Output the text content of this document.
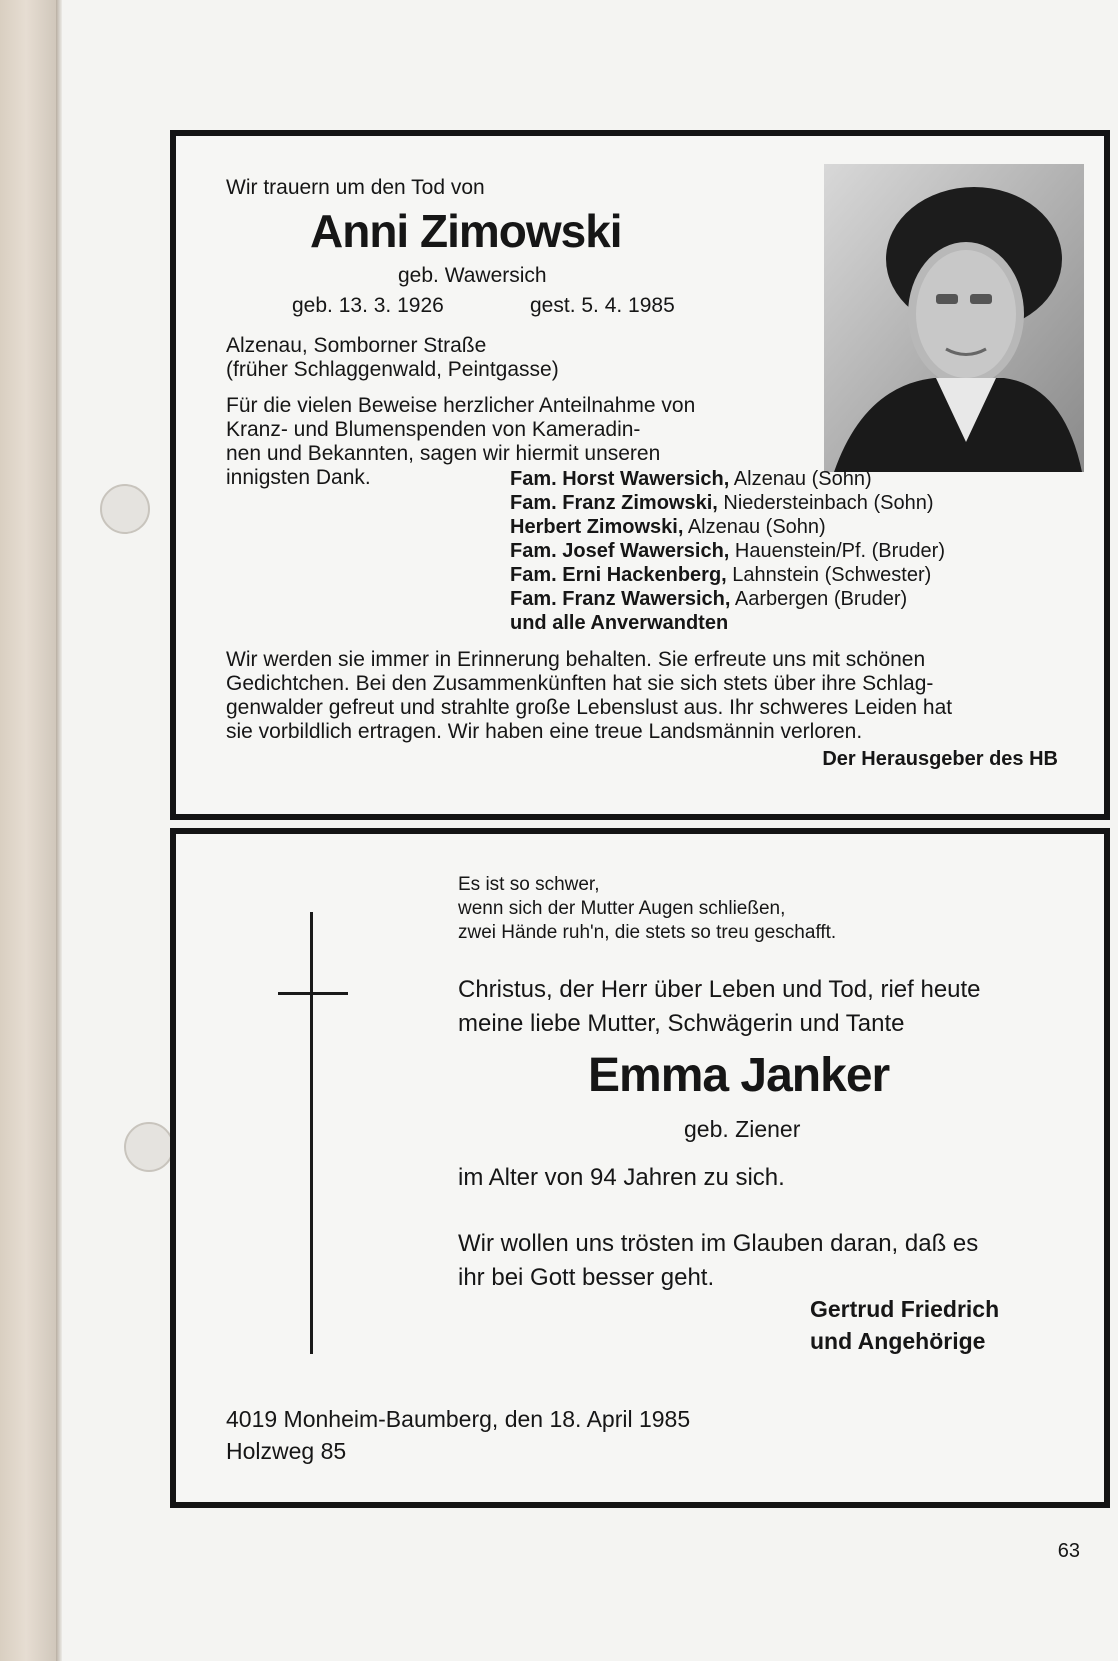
Wir trauern um den Tod von

Anni Zimowski

geb. Wawersich

geb. 13. 3. 1926	gest. 5. 4. 1985

Alzenau, Somborner Straße

(früher Schlaggenwald, Peintgasse)

Für die vielen Beweise herzlicher Anteilnahme von

Kranz- und Blumenspenden von Kameradin-

nen und Bekannten, sagen wir hiermit unseren

innigsten Dank.	Fam. Horst Wawersich, Alzenau (Sohn)

Fam. Franz Zimowski, Niedersteinbach (Sohn)

Herbert Zimowski, Alzenau (Sohn)

Fam. Josef Wawersich, Hauenstein/Pf. (Bruder)

Fam. Erni Hackenberg, Lahnstein (Schwester)

Fam. Franz Wawersich, Aarbergen (Bruder)

und alle Anverwandten

Wir werden sie immer in Erinnerung behalten. Sie erfreute uns mit schönen

Gedichtchen. Bei den Zusammenkünften hat sie sich stets über ihre Schlag-

genwalder gefreut und strahlte große Lebenslust aus. Ihr schweres Leiden hat

sie vorbildlich ertragen. Wir haben eine treue Landsmännin verloren.

Der Herausgeber des HB

Es ist so schwer,

wenn sich der Mutter Augen schließen,

zwei Hände ruh'n, die stets so treu geschafft.

Christus, der Herr über Leben und Tod, rief heute

meine liebe Mutter, Schwägerin und Tante

Emma Janker

geb. Ziener

im Alter von 94 Jahren zu sich.

Wir wollen uns trösten im Glauben daran, daß es

ihr bei Gott besser geht.

Gertrud Friedrich

und Angehörige

4019 Monheim-Baumberg, den 18. April 1985

Holzweg 85

63
